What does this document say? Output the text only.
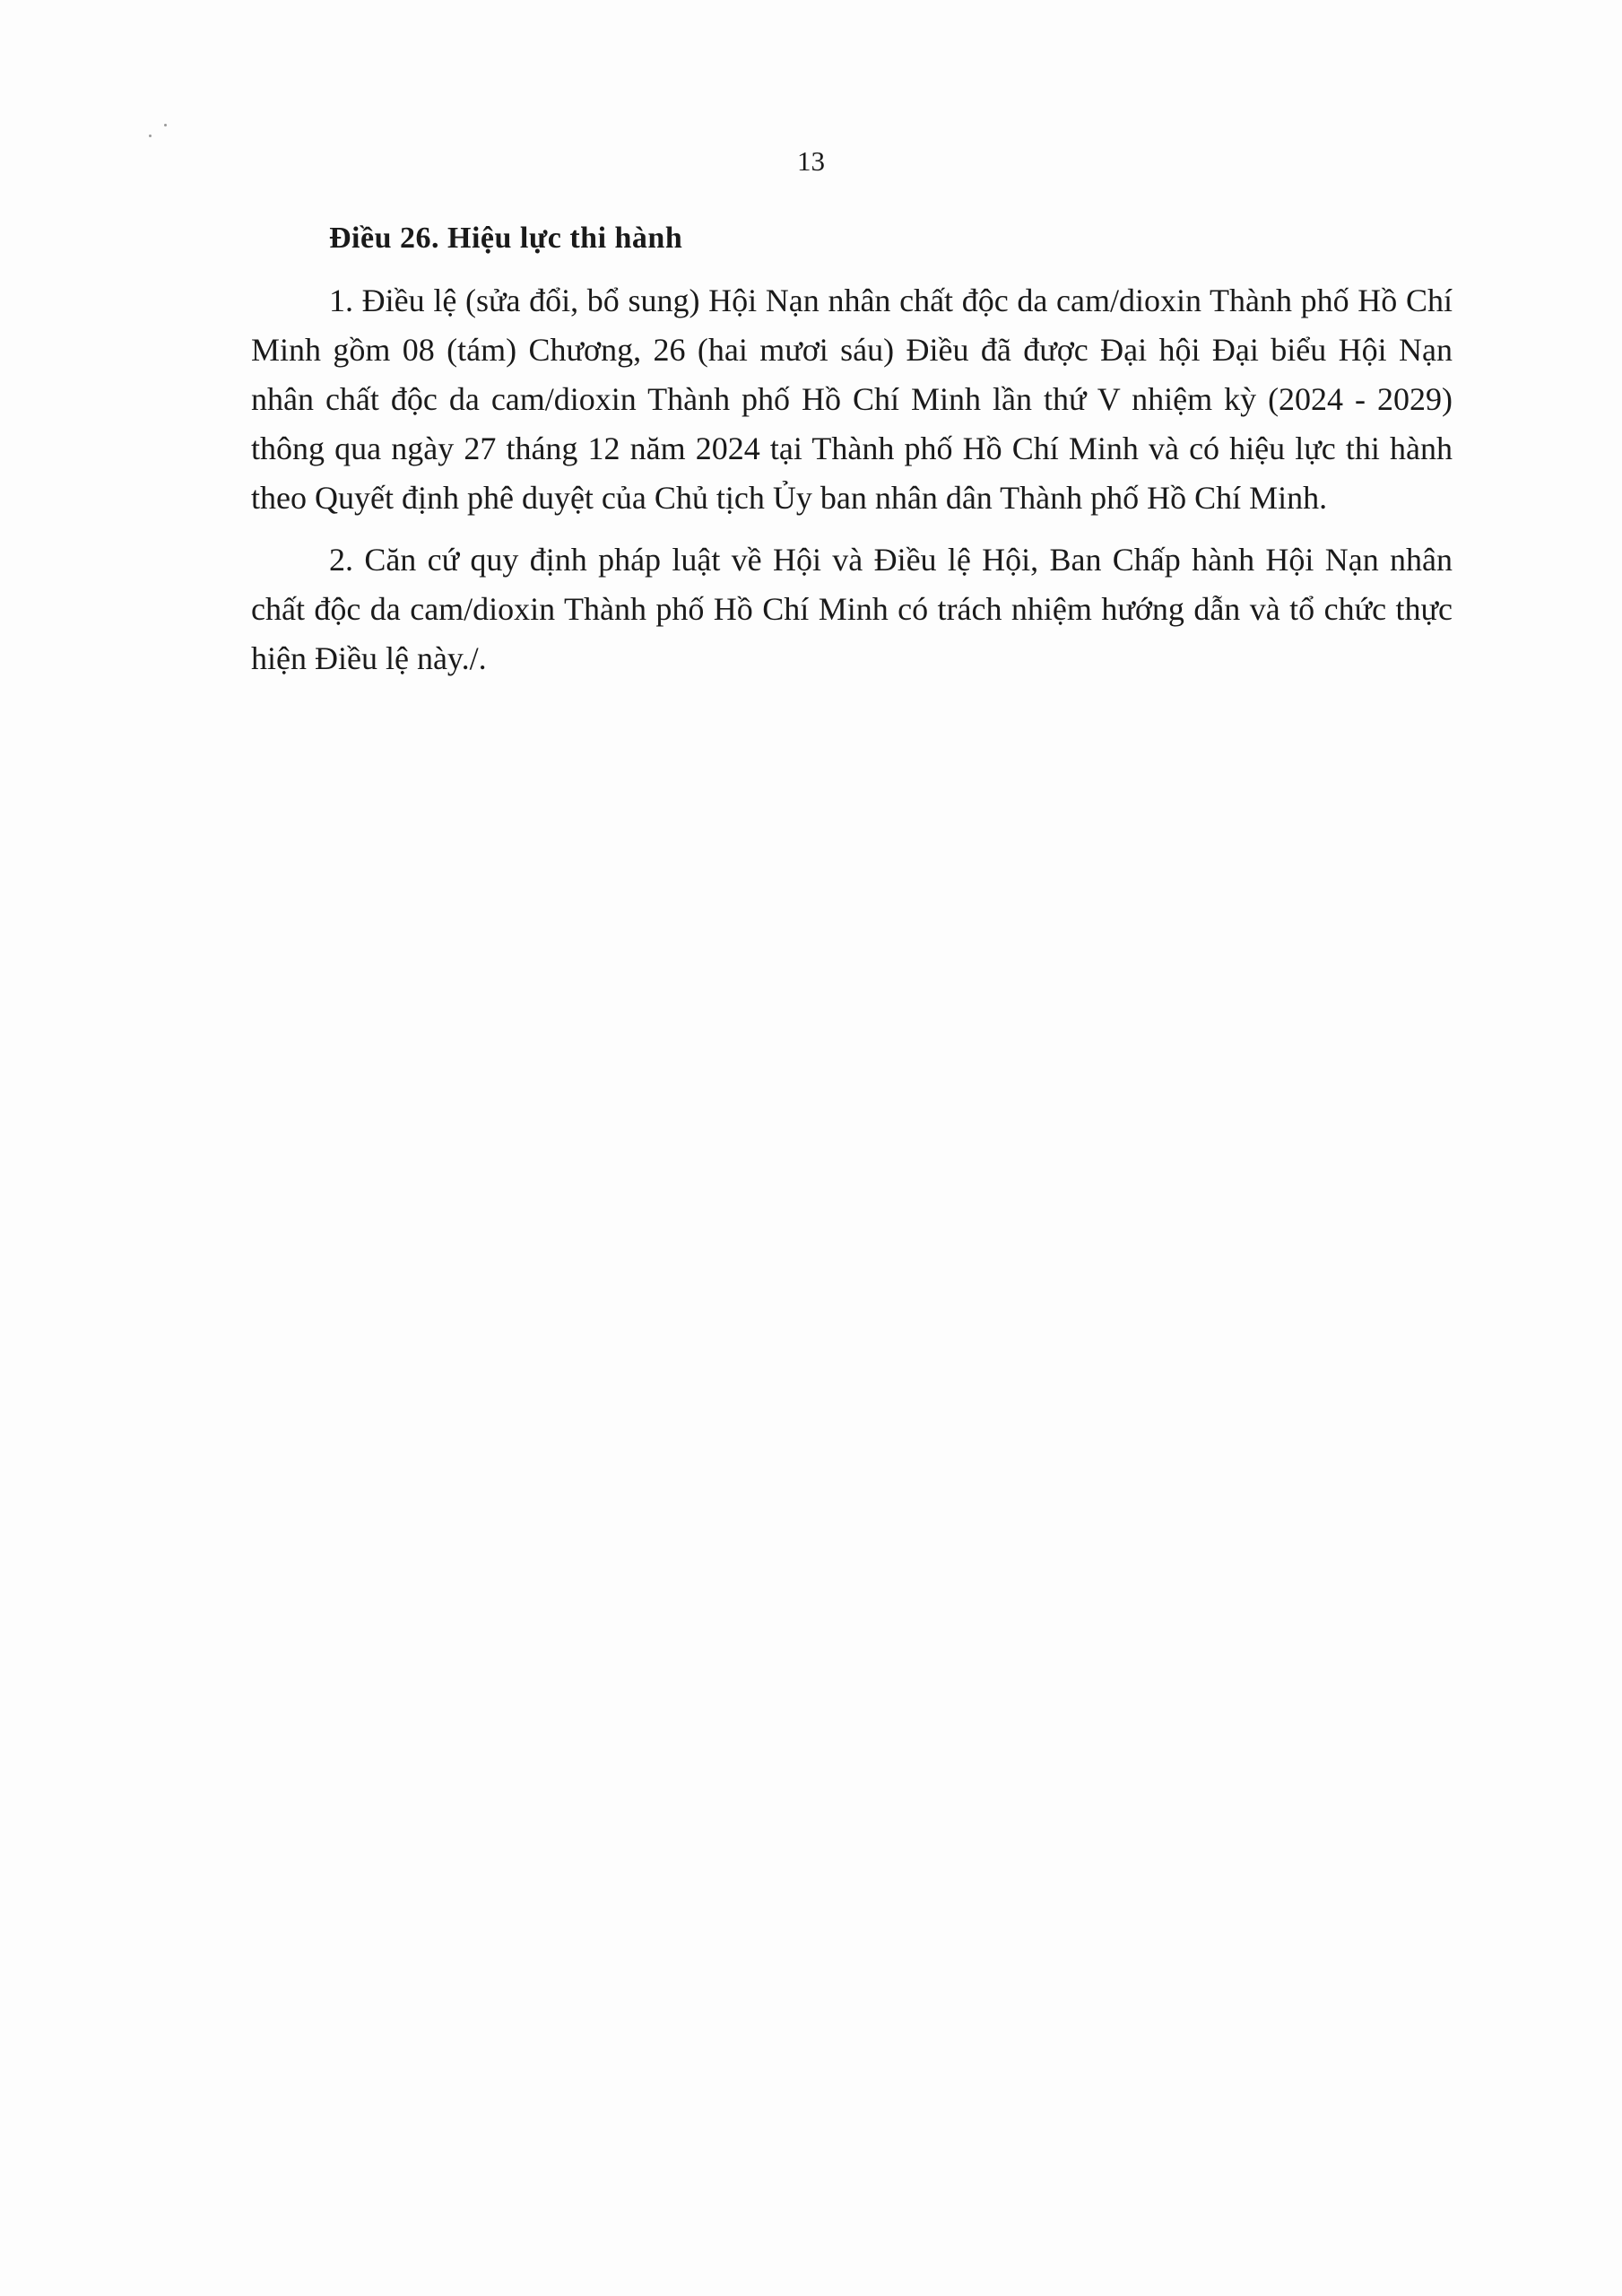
13

Điều 26. Hiệu lực thi hành

1. Điều lệ (sửa đổi, bổ sung) Hội Nạn nhân chất độc da cam/dioxin Thành phố Hồ Chí Minh gồm 08 (tám) Chương, 26 (hai mươi sáu) Điều đã được Đại hội Đại biểu Hội Nạn nhân chất độc da cam/dioxin Thành phố Hồ Chí Minh lần thứ V nhiệm kỳ (2024 - 2029) thông qua ngày 27 tháng 12 năm 2024 tại Thành phố Hồ Chí Minh và có hiệu lực thi hành theo Quyết định phê duyệt của Chủ tịch Ủy ban nhân dân Thành phố Hồ Chí Minh.

2. Căn cứ quy định pháp luật về Hội và Điều lệ Hội, Ban Chấp hành Hội Nạn nhân chất độc da cam/dioxin Thành phố Hồ Chí Minh có trách nhiệm hướng dẫn và tổ chức thực hiện Điều lệ này./.
